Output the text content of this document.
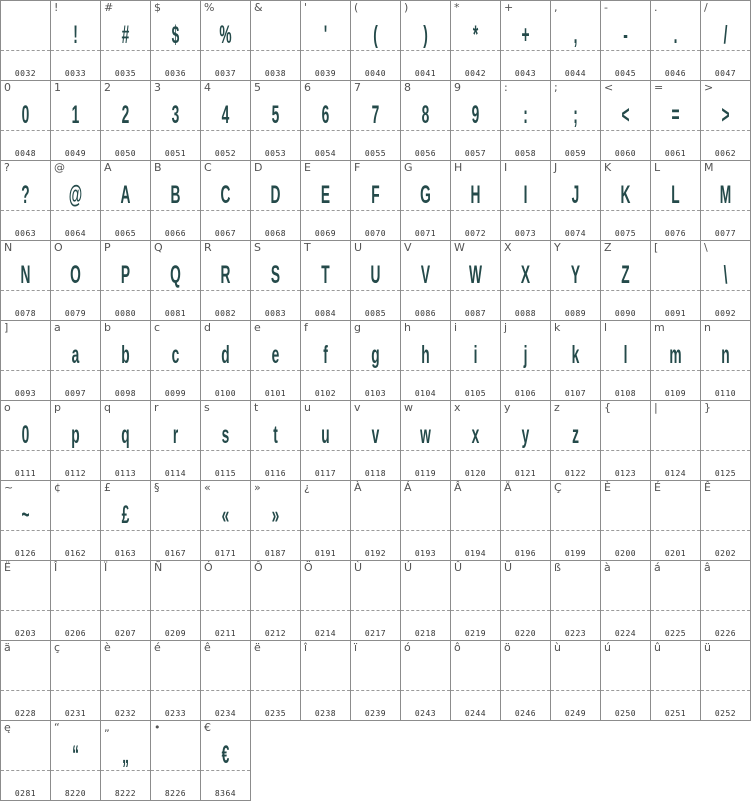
0032
!
!
0033
#
#
0035
$
$
0036
%
%
0037
&
0038
'
'
0039
(
(
0040
)
)
0041
*
*
0042
+
+
0043
,
,
0044
-
-
0045
.
.
0046
/
/
0047
0
0
0048
1
1
0049
2
2
0050
3
3
0051
4
4
0052
5
5
0053
6
6
0054
7
7
0055
8
8
0056
9
9
0057
:
:
0058
;
;
0059
<
<
0060
=
=
0061
>
>
0062
?
?
0063
@
@
0064
A
A
0065
B
B
0066
C
C
0067
D
D
0068
E
E
0069
F
F
0070
G
G
0071
H
H
0072
I
I
0073
J
J
0074
K
K
0075
L
L
0076
M
M
0077
N
N
0078
O
O
0079
P
P
0080
Q
Q
0081
R
R
0082
S
S
0083
T
T
0084
U
U
0085
V
V
0086
W
W
0087
X
X
0088
Y
Y
0089
Z
Z
0090
[
0091
\
\
0092
]
0093
a
a
0097
b
b
0098
c
c
0099
d
d
0100
e
e
0101
f
f
0102
g
g
0103
h
h
0104
i
i
0105
j
j
0106
k
k
0107
l
l
0108
m
m
0109
n
n
0110
o
0
0111
p
p
0112
q
q
0113
r
r
0114
s
s
0115
t
t
0116
u
u
0117
v
v
0118
w
w
0119
x
x
0120
y
y
0121
z
z
0122
{
0123
|
0124
}
0125
~
~
0126
¢
0162
£
£
0163
§
0167
«
«
0171
»
»
0187
¿
0191
À
0192
Á
0193
Â
0194
Ä
0196
Ç
0199
È
0200
É
0201
Ê
0202
Ë
0203
Î
0206
Ï
0207
Ñ
0209
Ó
0211
Ô
0212
Ö
0214
Ù
0217
Ú
0218
Û
0219
Ü
0220
ß
0223
à
0224
á
0225
â
0226
ä
0228
ç
0231
è
0232
é
0233
ê
0234
ë
0235
î
0238
ï
0239
ó
0243
ô
0244
ö
0246
ù
0249
ú
0250
û
0251
ü
0252
ę
0281
“
“
8220
„
„
8222
•
8226
€
€
8364
